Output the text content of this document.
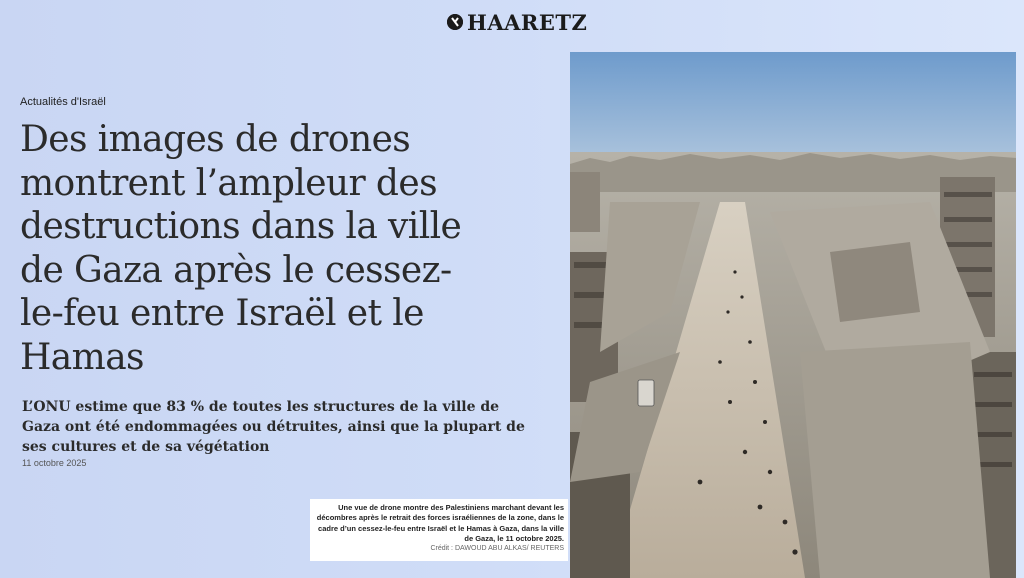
HAARETZ
Actualités d'Israël
Des images de drones montrent l’ampleur des destructions dans la ville de Gaza après le cessez-le-feu entre Israël et le Hamas

L’ONU estime que 83 % de toutes les structures de la ville de Gaza ont été endommagées ou détruites, ainsi que la plupart de ses cultures et de sa végétation

11 octobre 2025
Une vue de drone montre des Palestiniens marchant devant les décombres après le retrait des forces israéliennes de la zone, dans le cadre d’un cessez-le-feu entre Israël et le Hamas à Gaza, dans la ville de Gaza, le 11 octobre 2025.
Crédit : DAWOUD ABU ALKAS/ REUTERS
